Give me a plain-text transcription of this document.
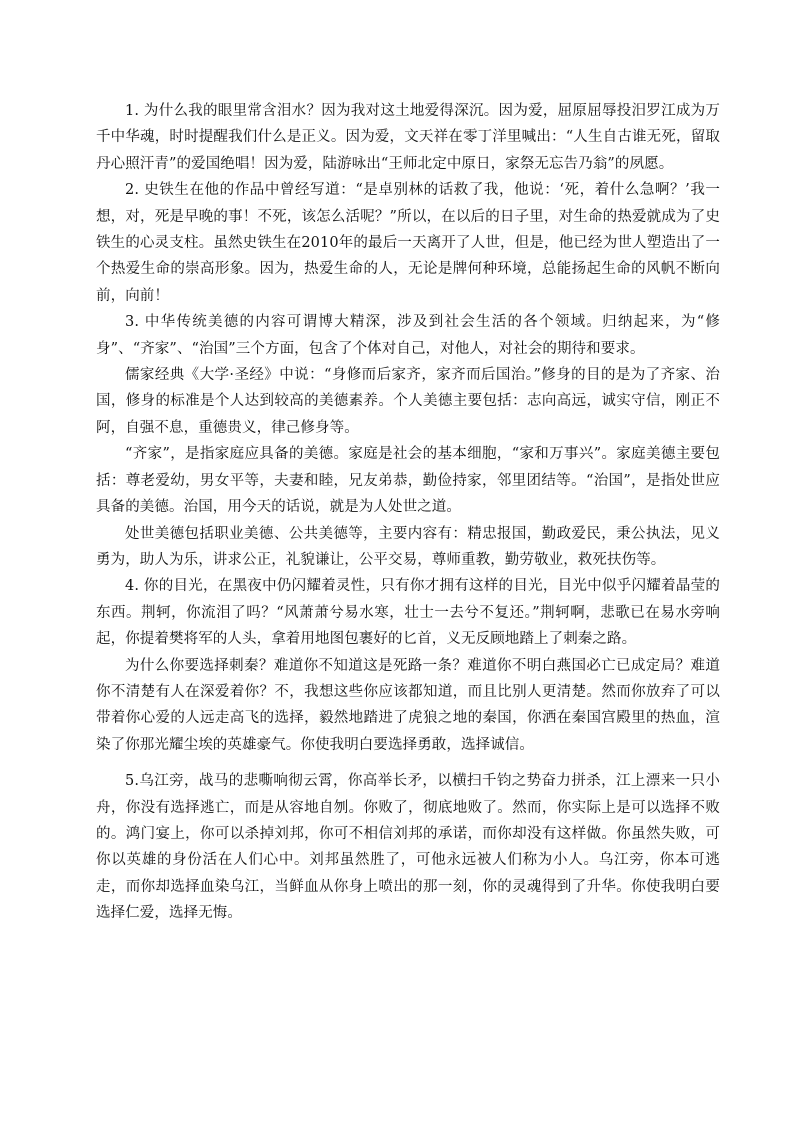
1. 为什么我的眼里常含泪水？因为我对这土地爱得深沉。因为爱，屈原屈辱投汨罗江成为万千中华魂，时时提醒我们什么是正义。因为爱，文天祥在零丁洋里喊出：“人生自古谁无死，留取丹心照汗青”的爱国绝唱！因为爱，陆游咏出“王师北定中原日，家祭无忘告乃翁”的夙愿。

2. 史铁生在他的作品中曾经写道：“是卓别林的话救了我，他说：‘死，着什么急啊？’我一想，对，死是早晚的事！不死，该怎么活呢？”所以，在以后的日子里，对生命的热爱就成为了史铁生的心灵支柱。虽然史铁生在2010年的最后一天离开了人世，但是，他已经为世人塑造出了一个热爱生命的崇高形象。因为，热爱生命的人，无论是牌何种环境，总能扬起生命的风帆不断向前，向前！

3. 中华传统美德的内容可谓博大精深，涉及到社会生活的各个领域。归纳起来，为“修身”、“齐家”、“治国”三个方面，包含了个体对自己，对他人，对社会的期待和要求。

儒家经典《大学·圣经》中说：“身修而后家齐，家齐而后国治。”修身的目的是为了齐家、治国，修身的标准是个人达到较高的美德素养。个人美德主要包括：志向高远，诚实守信，刚正不阿，自强不息，重德贵义，律己修身等。

“齐家”，是指家庭应具备的美德。家庭是社会的基本细胞，“家和万事兴”。家庭美德主要包括：尊老爱幼，男女平等，夫妻和睦，兄友弟恭，勤俭持家，邻里团结等。“治国”，是指处世应具备的美德。治国，用今天的话说，就是为人处世之道。

处世美德包括职业美德、公共美德等，主要内容有：精忠报国，勤政爱民，秉公执法，见义勇为，助人为乐，讲求公正，礼貌谦让，公平交易，尊师重教，勤劳敬业，救死扶伤等。

4. 你的目光，在黑夜中仍闪耀着灵性，只有你才拥有这样的目光，目光中似乎闪耀着晶莹的东西。荆轲，你流泪了吗？“风萧萧兮易水寒，壮士一去兮不复还。”荆轲啊，悲歌已在易水旁响起，你提着樊将军的人头，拿着用地图包裹好的匕首，义无反顾地踏上了刺秦之路。

为什么你要选择刺秦？难道你不知道这是死路一条？难道你不明白燕国必亡已成定局？难道你不清楚有人在深爱着你？不，我想这些你应该都知道，而且比别人更清楚。然而你放弃了可以带着你心爱的人远走高飞的选择，毅然地踏进了虎狼之地的秦国，你洒在秦国宫殿里的热血，渲染了你那光耀尘埃的英雄豪气。你使我明白要选择勇敢，选择诚信。

5.乌江旁，战马的悲嘶响彻云霄，你高举长矛，以横扫千钧之势奋力拼杀，江上漂来一只小舟，你没有选择逃亡，而是从容地自刎。你败了，彻底地败了。然而，你实际上是可以选择不败的。鸿门宴上，你可以杀掉刘邦，你可不相信刘邦的承诺，而你却没有这样做。你虽然失败，可你以英雄的身份活在人们心中。刘邦虽然胜了，可他永远被人们称为小人。乌江旁，你本可逃走，而你却选择血染乌江，当鲜血从你身上喷出的那一刻，你的灵魂得到了升华。你使我明白要选择仁爱，选择无悔。
